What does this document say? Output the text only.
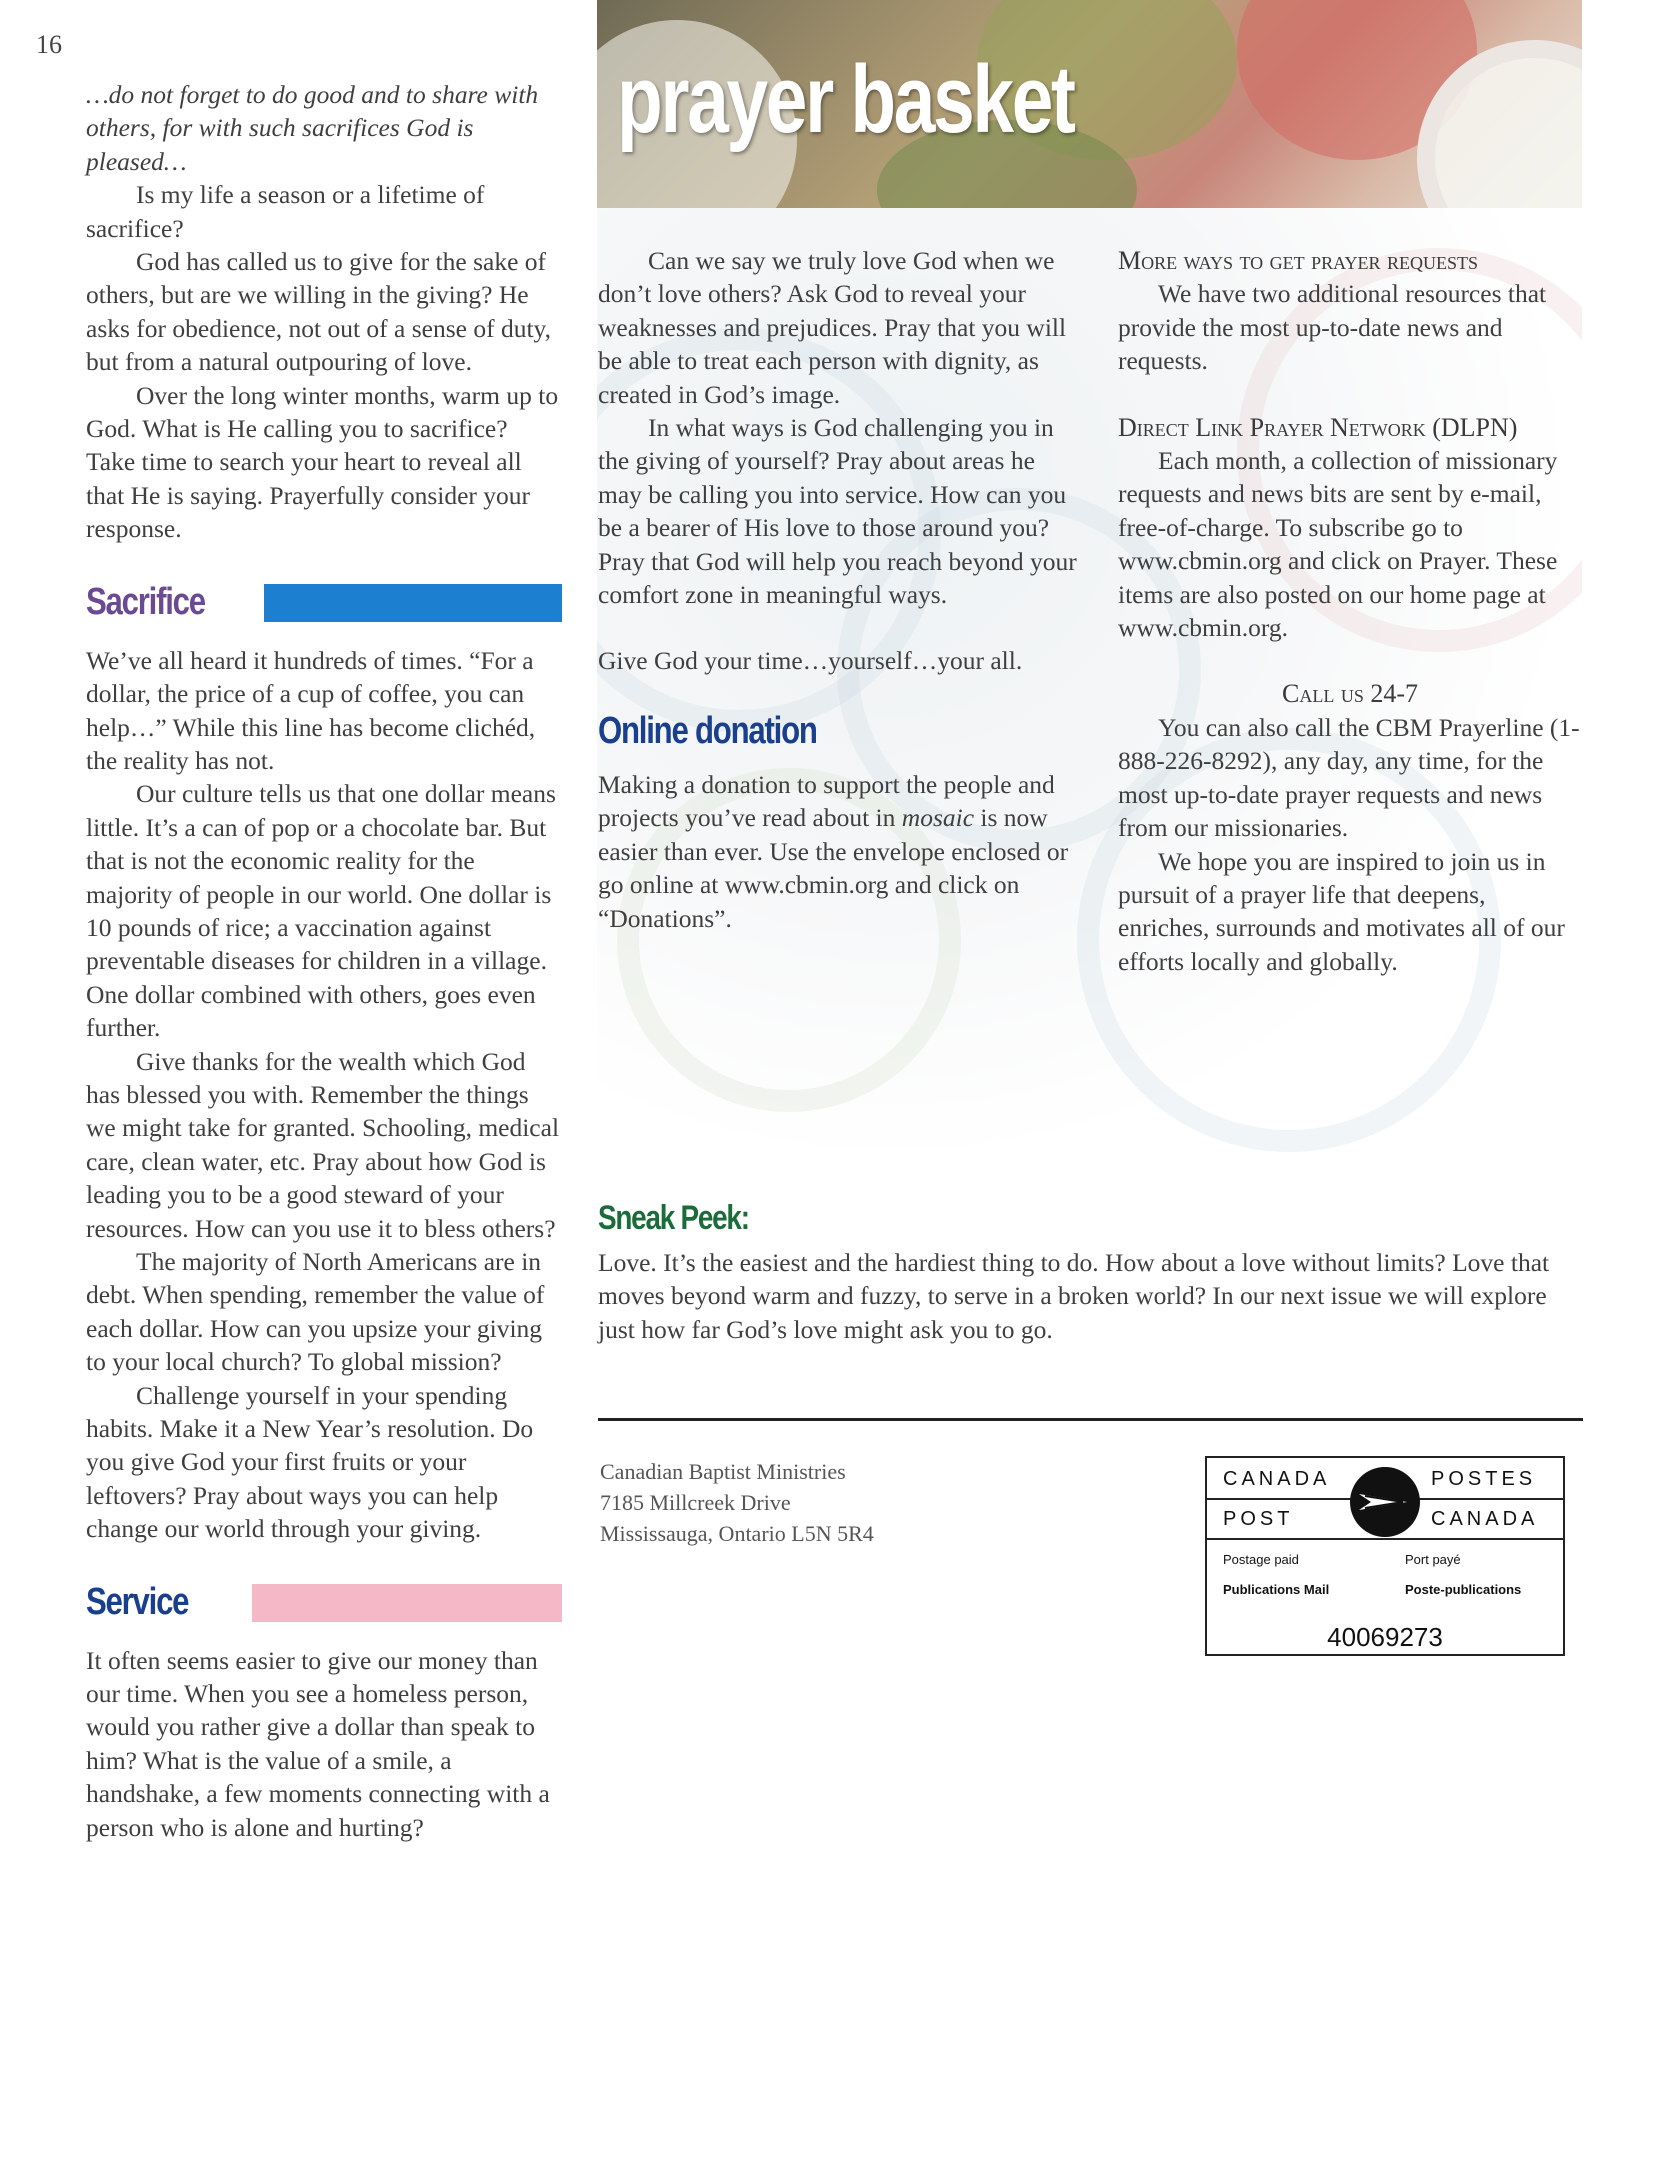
16
prayer basket

…do not forget to do good and to share with others, for with such sacrifices God is pleased…

Is my life a season or a lifetime of sacrifice?

God has called us to give for the sake of others, but are we willing in the giving? He asks for obedience, not out of a sense of duty, but from a natural outpouring of love.

Over the long winter months, warm up to God. What is He calling you to sacrifice? Take time to search your heart to reveal all that He is saying. Prayerfully consider your response.

Sacrifice

We’ve all heard it hundreds of times. “For a dollar, the price of a cup of coffee, you can help…” While this line has become clichéd, the reality has not.

Our culture tells us that one dollar means little. It’s a can of pop or a chocolate bar. But that is not the economic reality for the majority of people in our world. One dollar is 10 pounds of rice; a vaccination against preventable diseases for children in a village. One dollar combined with others, goes even further.

Give thanks for the wealth which God has blessed you with. Remember the things we might take for granted. Schooling, medical care, clean water, etc. Pray about how God is leading you to be a good steward of your resources. How can you use it to bless others?

The majority of North Americans are in debt. When spending, remember the value of each dollar. How can you upsize your giving to your local church? To global mission?

Challenge yourself in your spending habits. Make it a New Year’s resolution. Do you give God your first fruits or your leftovers? Pray about ways you can help change our world through your giving.

Service

It often seems easier to give our money than our time. When you see a homeless person, would you rather give a dollar than speak to him? What is the value of a smile, a handshake, a few moments connecting with a person who is alone and hurting?

Can we say we truly love God when we don’t love others? Ask God to reveal your weaknesses and prejudices. Pray that you will be able to treat each person with dignity, as created in God’s image.

In what ways is God challenging you in the giving of yourself? Pray about areas he may be calling you into service. How can you be a bearer of His love to those around you? Pray that God will help you reach beyond your comfort zone in meaningful ways.

Give God your time…yourself…your all.

Online donation

Making a donation to support the people and projects you’ve read about in mosaic is now easier than ever. Use the envelope enclosed or go online at www.cbmin.org and click on “Donations”.

More ways to get prayer requests

We have two additional resources that provide the most up-to-date news and requests.

Direct Link Prayer Network (DLPN)

Each month, a collection of missionary requests and news bits are sent by e-mail, free-of-charge. To subscribe go to www.cbmin.org and click on Prayer. These items are also posted on our home page at www.cbmin.org.

Call us 24-7

You can also call the CBM Prayerline (1-888-226-8292), any day, any time, for the most up-to-date prayer requests and news from our missionaries.

We hope you are inspired to join us in pursuit of a prayer life that deepens, enriches, surrounds and motivates all of our efforts locally and globally.

Sneak Peek:

Love. It’s the easiest and the hardiest thing to do. How about a love without limits? Love that moves beyond warm and fuzzy, to serve in a broken world? In our next issue we will explore just how far God’s love might ask you to go.

Canadian Baptist Ministries

7185 Millcreek Drive

Mississauga, Ontario L5N 5R4

CANADA	POSTES
POST	CANADA
Postage paid	Port payé
Publications Mail	Poste-publications
40069273
